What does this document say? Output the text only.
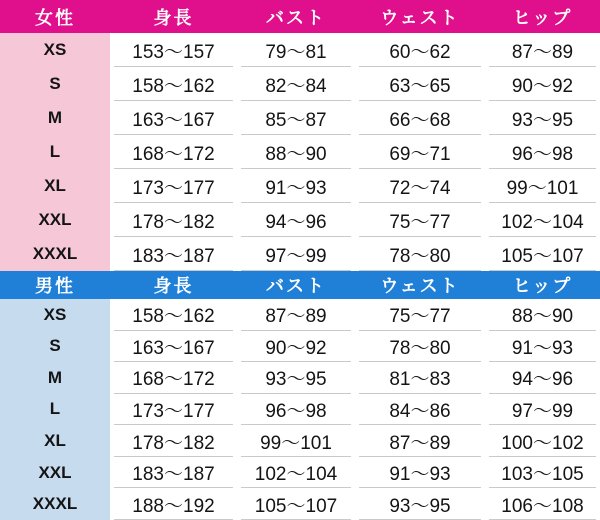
女性	身長	バスト	ウェスト	ヒップ
XS	153〜157	79〜81	60〜62	87〜89
S	158〜162	82〜84	63〜65	90〜92
M	163〜167	85〜87	66〜68	93〜95
L	168〜172	88〜90	69〜71	96〜98
XL	173〜177	91〜93	72〜74	99〜101
XXL	178〜182	94〜96	75〜77	102〜104
XXXL	183〜187	97〜99	78〜80	105〜107
男性	身長	バスト	ウェスト	ヒップ
XS	158〜162	87〜89	75〜77	88〜90
S	163〜167	90〜92	78〜80	91〜93
M	168〜172	93〜95	81〜83	94〜96
L	173〜177	96〜98	84〜86	97〜99
XL	178〜182	99〜101	87〜89	100〜102
XXL	183〜187	102〜104	91〜93	103〜105
XXXL	188〜192	105〜107	93〜95	106〜108
